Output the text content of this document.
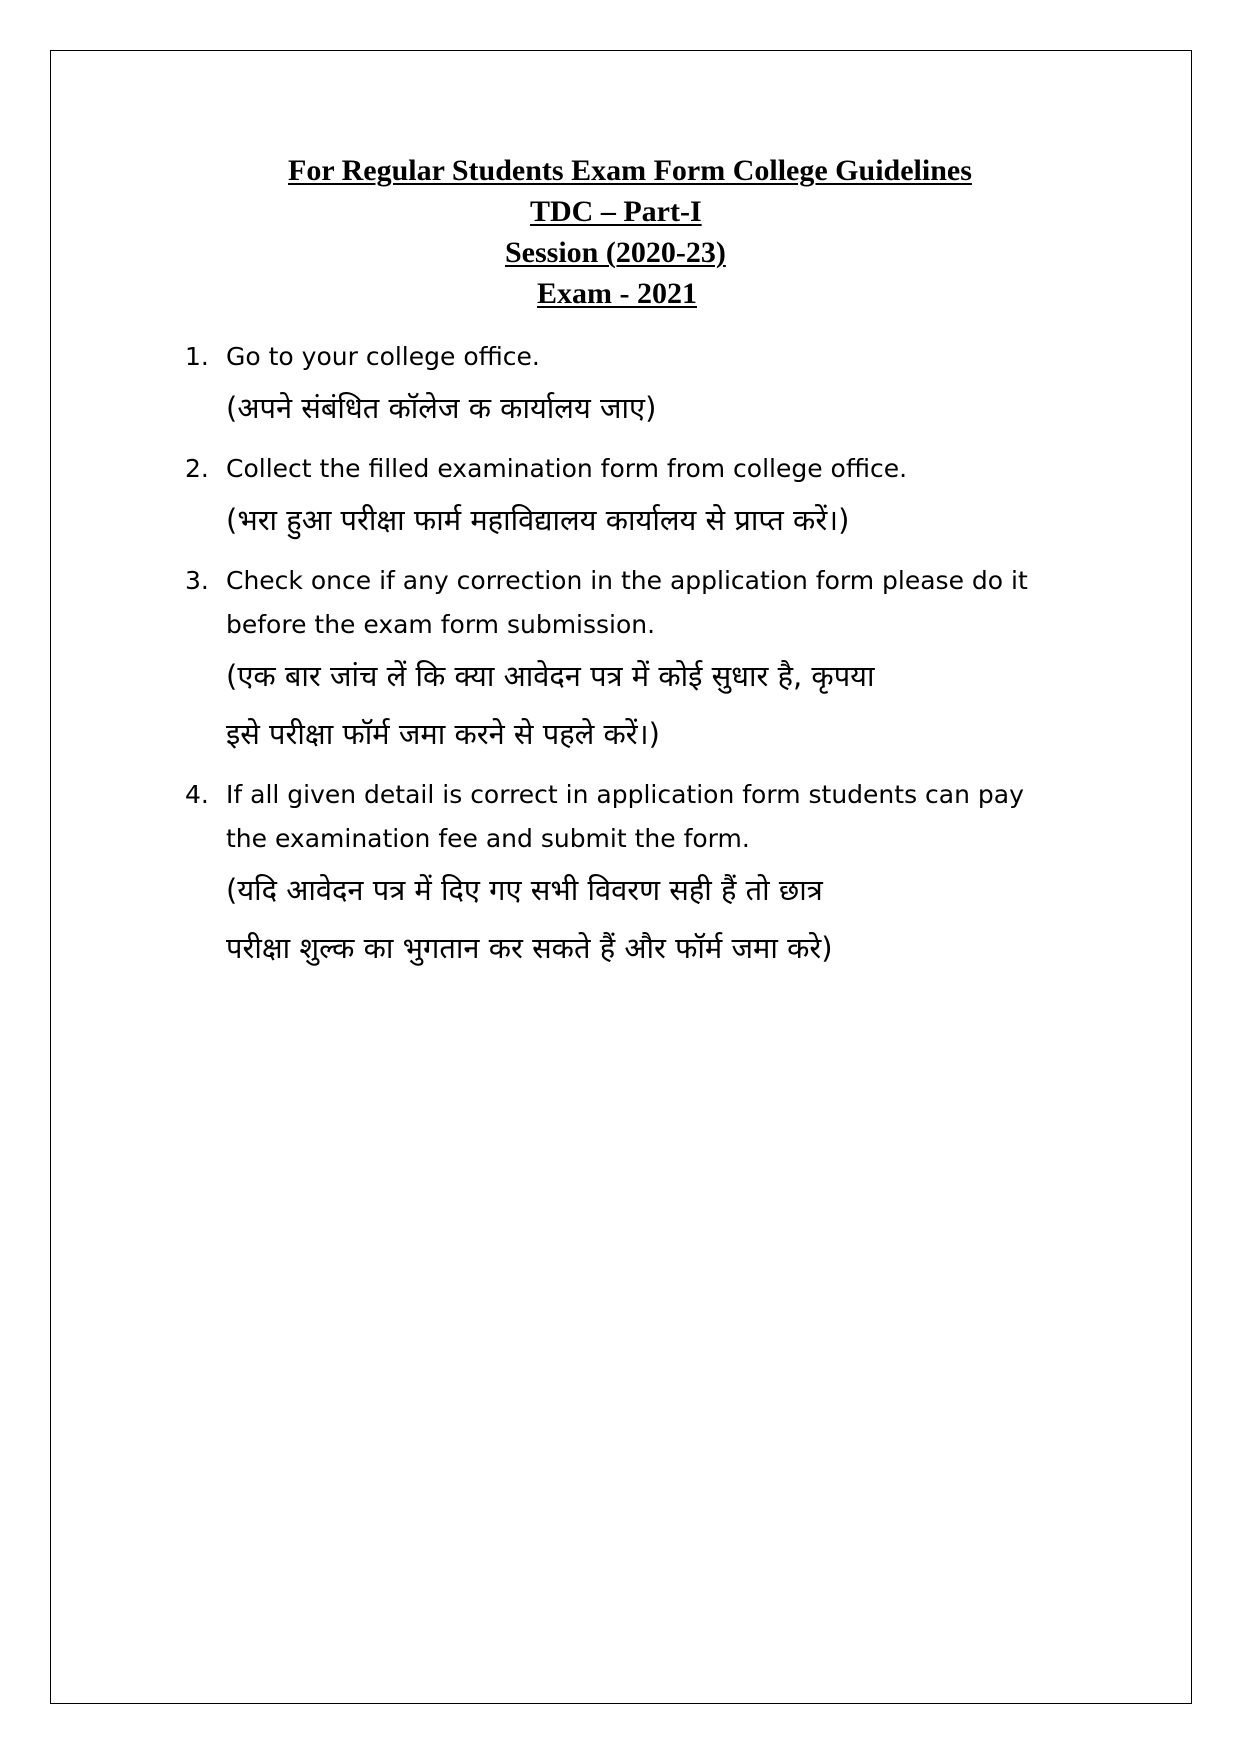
For Regular Students Exam Form College Guidelines
TDC – Part-I
Session (2020-23)
Exam - 2021
1. Go to your college office.
(अपने संबंधित कॉलेज क कार्यालय जाए)
2. Collect the filled examination form from college office.
(भरा हुआ परीक्षा फार्म महाविद्यालय कार्यालय से प्राप्त करें।)
3. Check once if any correction in the application form please do it
before the exam form submission.
(एक बार जांच लें कि क्या आवेदन पत्र में कोई सुधार है, कृपया
इसे परीक्षा फॉर्म जमा करने से पहले करें।)
4. If all given detail is correct in application form students can pay
the examination fee and submit the form.
(यदि आवेदन पत्र में दिए गए सभी विवरण सही हैं तो छात्र
परीक्षा शुल्क का भुगतान कर सकते हैं और फॉर्म जमा करे)
